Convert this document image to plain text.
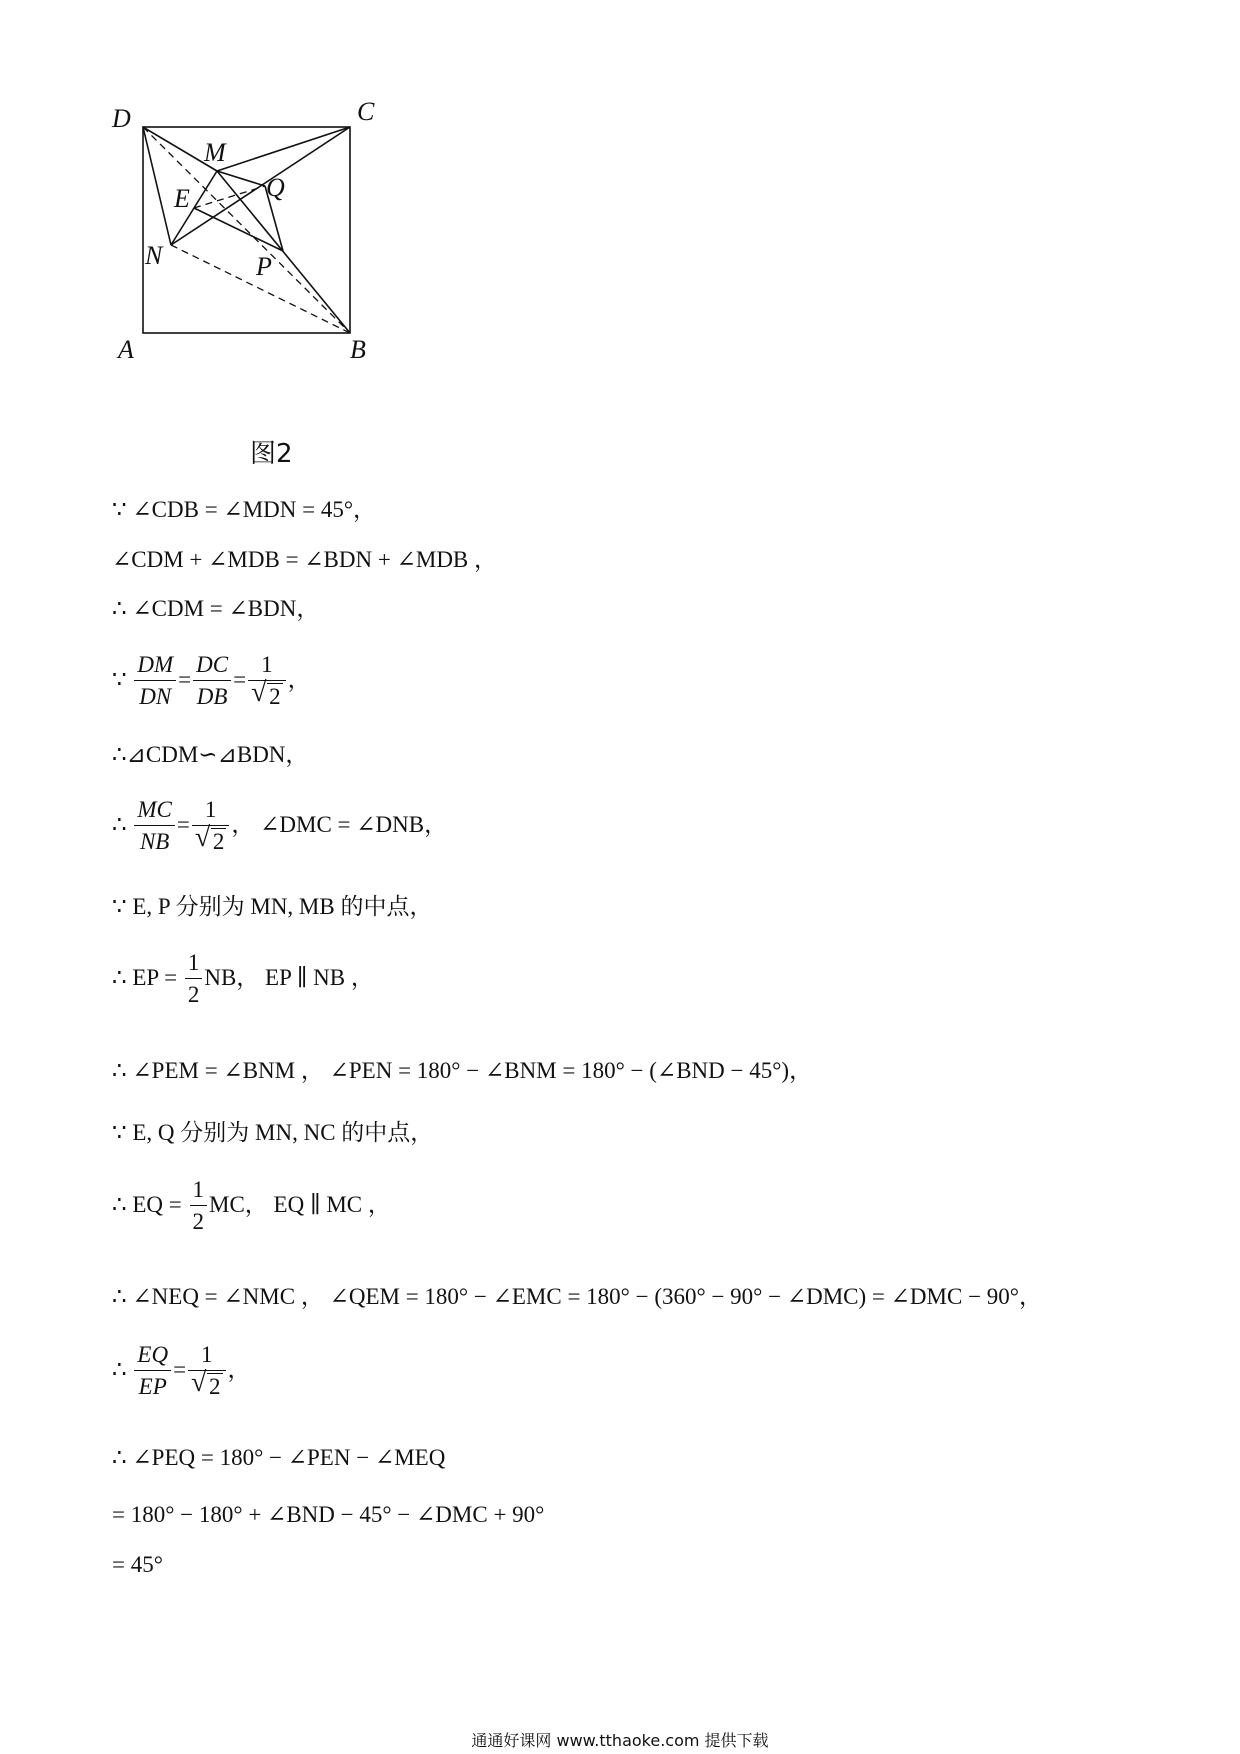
D	C
A	B
M
E	Q
N	P
图2
∵ ∠CDB = ∠MDN = 45°，
∠CDM + ∠MDB = ∠BDN + ∠MDB ，
∴ ∠CDM = ∠BDN，
∵ $\frac{DM}{DN} = \frac{DC}{DB} = 1$
√ 2 ，
∴⊿CDM∽⊿BDN，
∴ $\frac{MC}{NB} = 1$
√ 2 ， ∠DMC = ∠DNB，
∵ E, P 分别为 MN, MB 的中点，
∴ EP = $\frac{1}{2}$ NB， EP ∥ NB ，
∴ ∠PEM = ∠BNM ， ∠PEN = 180° − ∠BNM = 180° − (∠BND − 45°)，
∵ E, Q 分别为 MN, NC 的中点，
∴ EQ = $\frac{1}{2}$ MC， EQ ∥ MC ，
∴ ∠NEQ = ∠NMC ， ∠QEM = 180° − ∠EMC = 180° − (360° − 90° − ∠DMC) = ∠DMC − 90°，
∴ $\frac{EQ}{EP} = 1$
√ 2 ，
∴ ∠PEQ = 180° − ∠PEN − ∠MEQ
= 180° − 180° + ∠BND − 45° − ∠DMC + 90°
= 45°
通通好课网 www.tthaoke.com 提供下载
